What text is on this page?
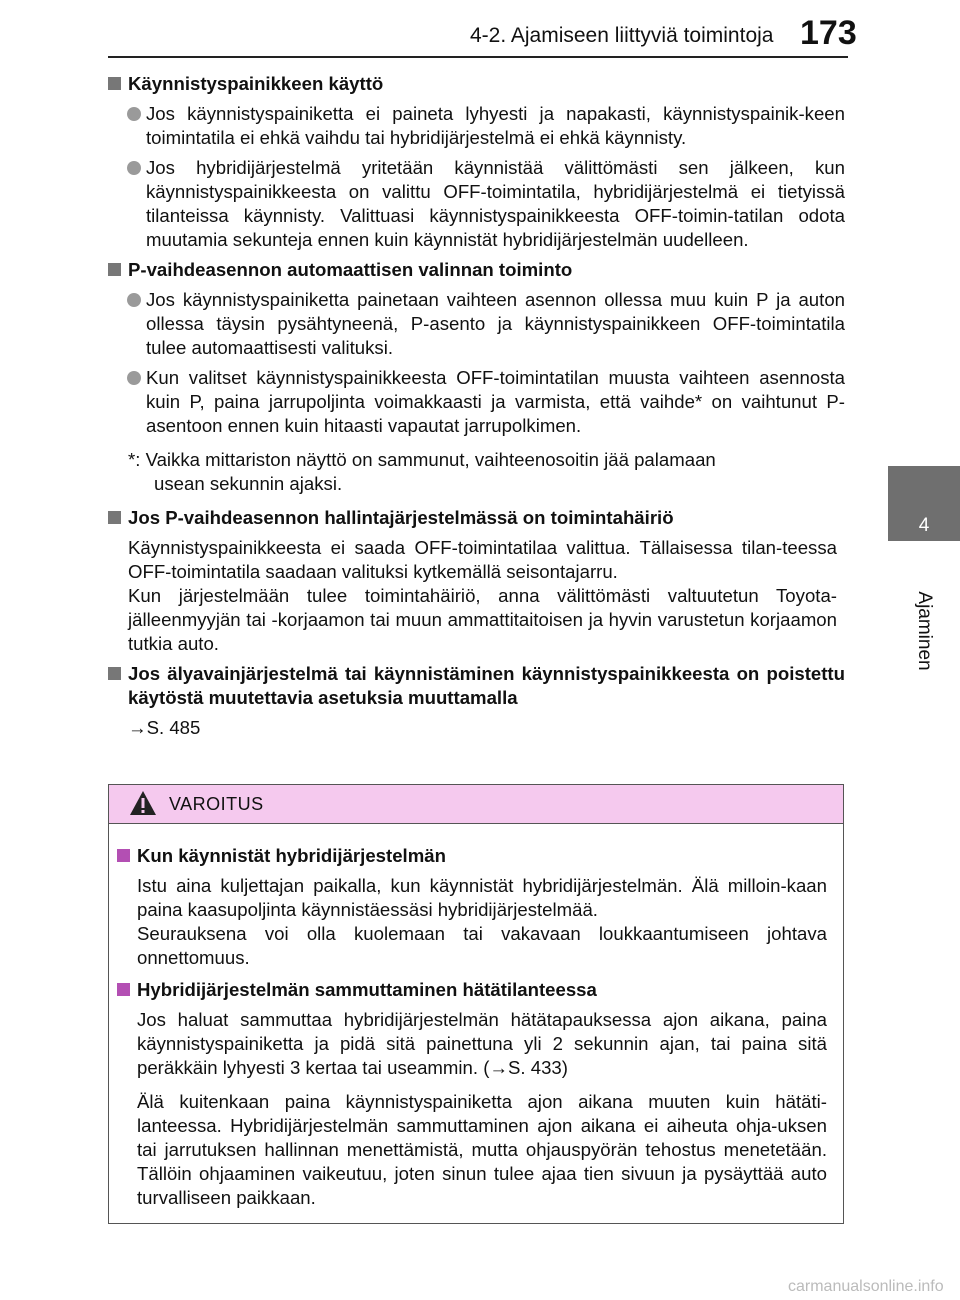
4-2. Ajamiseen liittyviä toimintoja 173
4
Ajaminen
Käynnistyspainikkeen käyttö
Jos käynnistyspainiketta ei paineta lyhyesti ja napakasti, käynnistyspainik-keen toimintatila ei ehkä vaihdu tai hybridijärjestelmä ei ehkä käynnisty.
Jos hybridijärjestelmä yritetään käynnistää välittömästi sen jälkeen, kun käynnistyspainikkeesta on valittu OFF-toimintatila, hybridijärjestelmä ei tietyissä tilanteissa käynnisty. Valittuasi käynnistyspainikkeesta OFF-toimin-tatilan odota muutamia sekunteja ennen kuin käynnistät hybridijärjestelmän uudelleen.
P-vaihdeasennon automaattisen valinnan toiminto
Jos käynnistyspainiketta painetaan vaihteen asennon ollessa muu kuin P ja auton ollessa täysin pysähtyneenä, P-asento ja käynnistyspainikkeen OFF-toimintatila tulee automaattisesti valituksi.
Kun valitset käynnistyspainikkeesta OFF-toimintatilan muusta vaihteen asennosta kuin P, paina jarrupoljinta voimakkaasti ja varmista, että vaihde* on vaihtunut P-asentoon ennen kuin hitaasti vapautat jarrupolkimen.
*: Vaikka mittariston näyttö on sammunut, vaihteenosoitin jää palamaan
usean sekunnin ajaksi.
Jos P-vaihdeasennon hallintajärjestelmässä on toimintahäiriö
Käynnistyspainikkeesta ei saada OFF-toimintatilaa valittua. Tällaisessa tilan-teessa OFF-toimintatila saadaan valituksi kytkemällä seisontajarru.
Kun järjestelmään tulee toimintahäiriö, anna välittömästi valtuutetun Toyota-jälleenmyyjän tai -korjaamon tai muun ammattitaitoisen ja hyvin varustetun korjaamon tutkia auto.
Jos älyavainjärjestelmä tai käynnistäminen käynnistyspainikkeesta on poistettu käytöstä muutettavia asetuksia muuttamalla
→S. 485
VAROITUS
Kun käynnistät hybridijärjestelmän
Istu aina kuljettajan paikalla, kun käynnistät hybridijärjestelmän. Älä milloin-kaan paina kaasupoljinta käynnistäessäsi hybridijärjestelmää.
Seurauksena voi olla kuolemaan tai vakavaan loukkaantumiseen johtava onnettomuus.
Hybridijärjestelmän sammuttaminen hätätilanteessa
Jos haluat sammuttaa hybridijärjestelmän hätätapauksessa ajon aikana, paina käynnistyspainiketta ja pidä sitä painettuna yli 2 sekunnin ajan, tai paina sitä peräkkäin lyhyesti 3 kertaa tai useammin. (→S. 433)
Älä kuitenkaan paina käynnistyspainiketta ajon aikana muuten kuin hätäti-lanteessa. Hybridijärjestelmän sammuttaminen ajon aikana ei aiheuta ohja-uksen tai jarrutuksen hallinnan menettämistä, mutta ohjauspyörän tehostus menetetään. Tällöin ohjaaminen vaikeutuu, joten sinun tulee ajaa tien sivuun ja pysäyttää auto turvalliseen paikkaan.
carmanualsonline.info
